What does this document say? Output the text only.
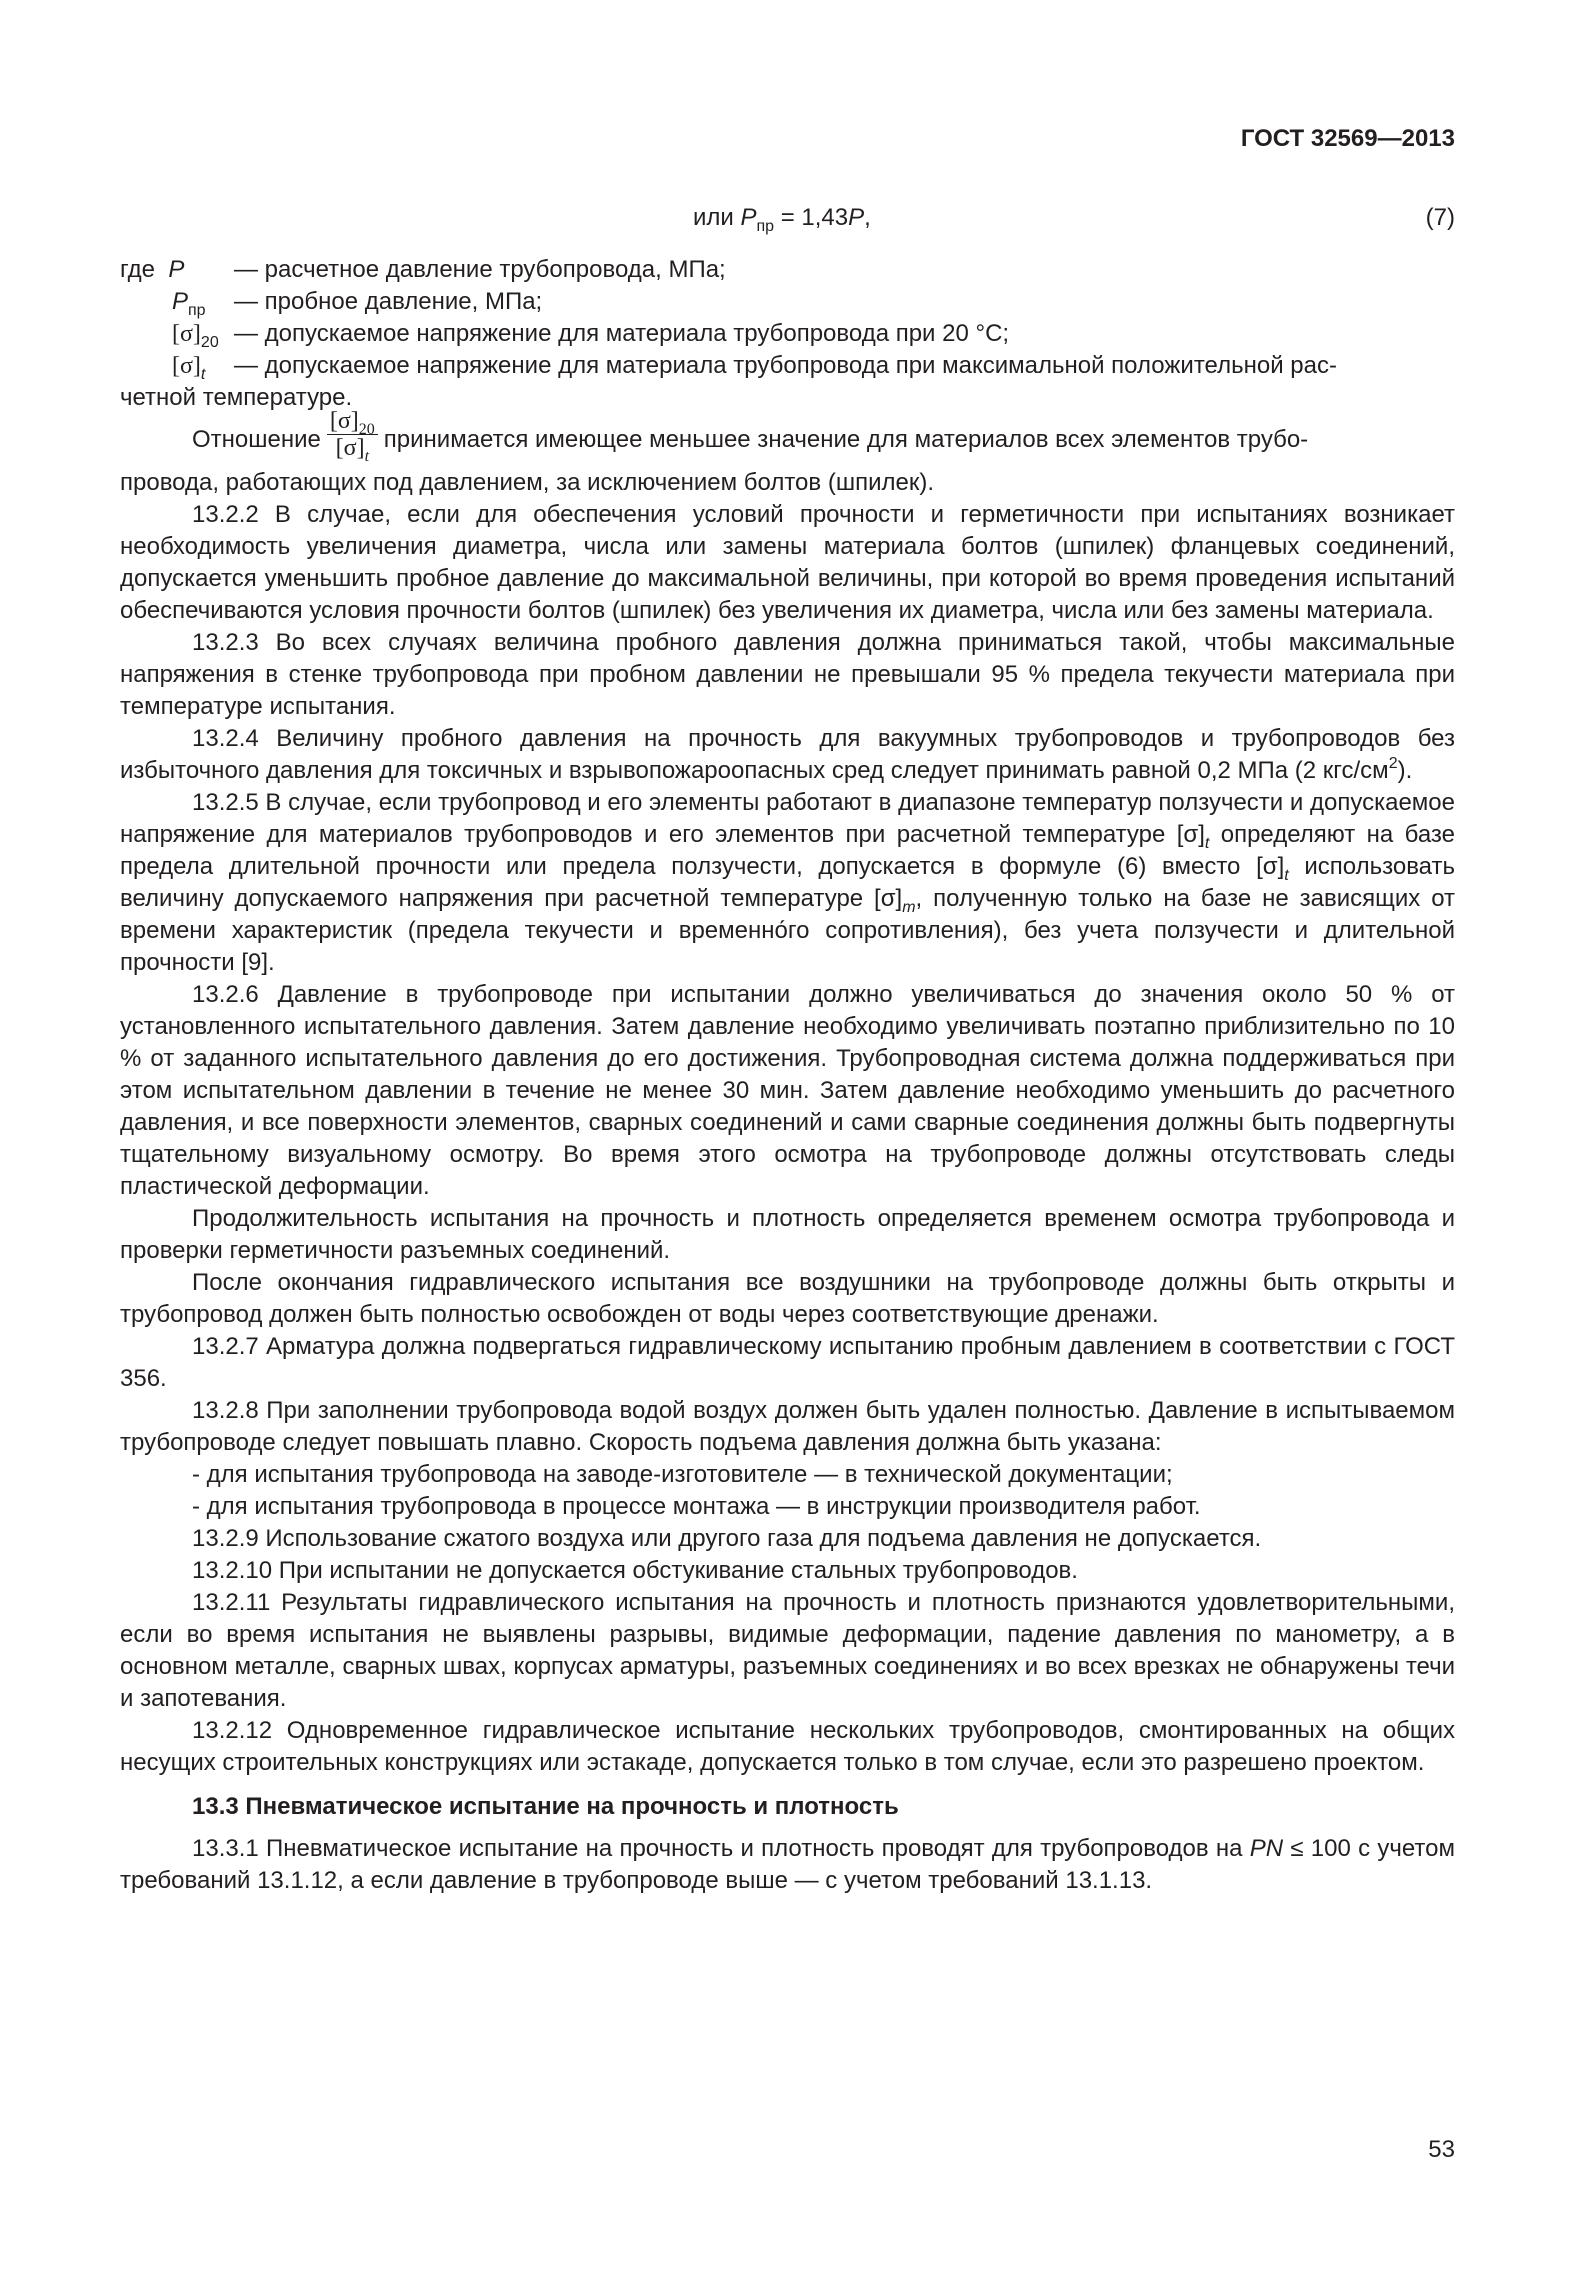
ГОСТ 32569—2013
или $P_{пр} = 1,43P$,	(7)
где P	— расчетное давление трубопровода, МПа;
$P_{пр}$	— пробное давление, МПа;
$[\sigma]_{20}$ — допускаемое напряжение для материала трубопровода при 20 °С;
$[\sigma]_t$	— допускаемое напряжение для материала трубопровода при максимальной положительной рас-

четной температуре.

Отношение $\frac{[\sigma]_{20}}{[\sigma]_t}$ принимается имеющее меньшее значение для материалов всех элементов трубо-

провода, работающих под давлением, за исключением болтов (шпилек).

13.2.2 В случае, если для обеспечения условий прочности и герметичности при испытаниях возникает необходимость увеличения диаметра, числа или замены материала болтов (шпилек) фланцевых соединений, допускается уменьшить пробное давление до максимальной величины, при которой во время проведения испытаний обеспечиваются условия прочности болтов (шпилек) без увеличения их диаметра, числа или без замены материала.

13.2.3 Во всех случаях величина пробного давления должна приниматься такой, чтобы максимальные напряжения в стенке трубопровода при пробном давлении не превышали 95 % предела текучести материала при температуре испытания.

13.2.4 Величину пробного давления на прочность для вакуумных трубопроводов и трубопроводов без избыточного давления для токсичных и взрывопожароопасных сред следует принимать равной 0,2 МПа (2 кгс/$см^2$).

13.2.5 В случае, если трубопровод и его элементы работают в диапазоне температур ползучести и допускаемое напряжение для материалов трубопроводов и его элементов при расчетной температуре $[\sigma]_t$ определяют на базе предела длительной прочности или предела ползучести, допускается в формуле (6) вместо $[\sigma]_t$ использовать величину допускаемого напряжения при расчетной температуре $[\sigma]_m$, полученную только на базе не зависящих от времени характеристик (предела текучести и временно́го сопротивления), без учета ползучести и длительной прочности [9].

13.2.6 Давление в трубопроводе при испытании должно увеличиваться до значения около 50 % от установленного испытательного давления. Затем давление необходимо увеличивать поэтапно приблизительно по 10 % от заданного испытательного давления до его достижения. Трубопроводная система должна поддерживаться при этом испытательном давлении в течение не менее 30 мин. Затем давление необходимо уменьшить до расчетного давления, и все поверхности элементов, сварных соединений и сами сварные соединения должны быть подвергнуты тщательному визуальному осмотру. Во время этого осмотра на трубопроводе должны отсутствовать следы пластической деформации.

Продолжительность испытания на прочность и плотность определяется временем осмотра трубопровода и проверки герметичности разъемных соединений.

После окончания гидравлического испытания все воздушники на трубопроводе должны быть открыты и трубопровод должен быть полностью освобожден от воды через соответствующие дренажи.

13.2.7 Арматура должна подвергаться гидравлическому испытанию пробным давлением в соответствии с ГОСТ 356.

13.2.8 При заполнении трубопровода водой воздух должен быть удален полностью. Давление в испытываемом трубопроводе следует повышать плавно. Скорость подъема давления должна быть указана:

- для испытания трубопровода на заводе-изготовителе — в технической документации;

- для испытания трубопровода в процессе монтажа — в инструкции производителя работ.

13.2.9 Использование сжатого воздуха или другого газа для подъема давления не допускается.

13.2.10 При испытании не допускается обстукивание стальных трубопроводов.

13.2.11 Результаты гидравлического испытания на прочность и плотность признаются удовлетворительными, если во время испытания не выявлены разрывы, видимые деформации, падение давления по манометру, а в основном металле, сварных швах, корпусах арматуры, разъемных соединениях и во всех врезках не обнаружены течи и запотевания.

13.2.12 Одновременное гидравлическое испытание нескольких трубопроводов, смонтированных на общих несущих строительных конструкциях или эстакаде, допускается только в том случае, если это разрешено проектом.

13.3 Пневматическое испытание на прочность и плотность

13.3.1 Пневматическое испытание на прочность и плотность проводят для трубопроводов на PN ≤ 100 с учетом требований 13.1.12, а если давление в трубопроводе выше — с учетом требований 13.1.13.

53
